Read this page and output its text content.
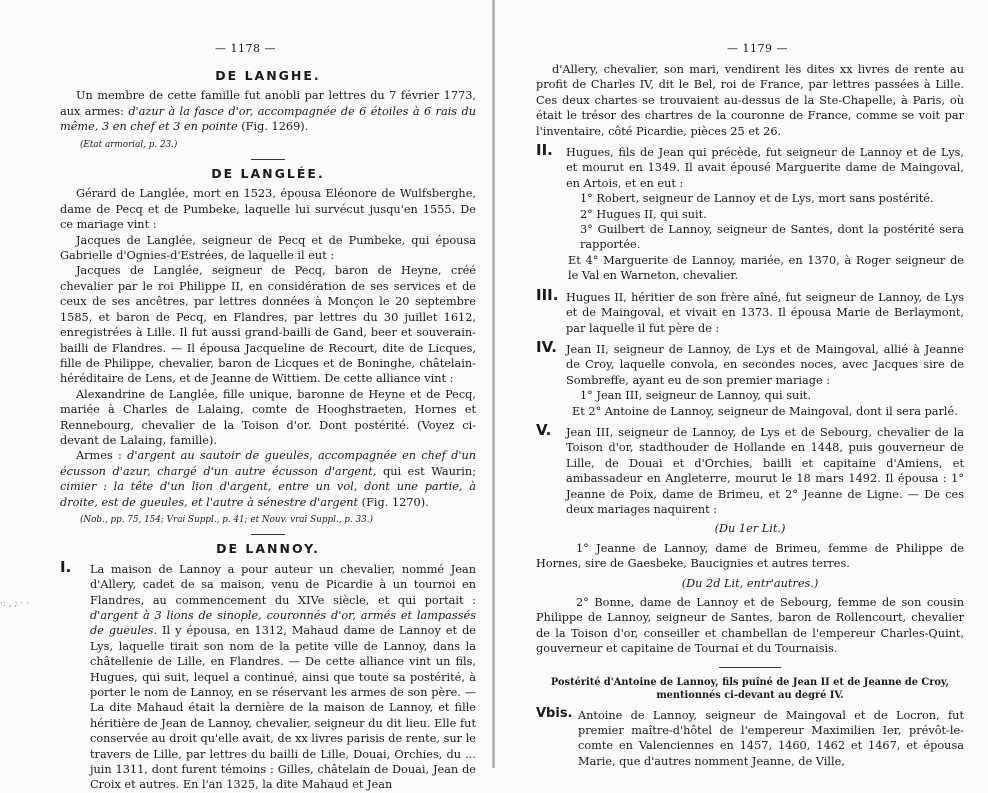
— 1178 —
·: , ; · ·
DE LANGHE.

Un membre de cette famille fut anobli par lettres du 7 février 1773, aux armes: d'azur à la fasce d'or, accompagnée de 6 étoiles à 6 rais du même, 3 en chef et 3 en pointe (Fig. 1269).

(Etat armorial, p. 23.)
DE LANGLÉE.

Gérard de Langlée, mort en 1523, épousa Eléonore de Wulfsberghe, dame de Pecq et de Pumbeke, laquelle lui survécut jusqu'en 1555. De ce mariage vint :

Jacques de Langlée, seigneur de Pecq et de Pumbeke, qui épousa Gabrielle d'Ognies-d'Estrées, de laquelle il eut :

Jacques de Langlée, seigneur de Pecq, baron de Heyne, créé chevalier par le roi Philippe II, en considération de ses services et de ceux de ses ancêtres, par lettres données à Monçon le 20 septembre 1585, et baron de Pecq, en Flandres, par lettres du 30 juillet 1612, enregistrées à Lille. Il fut aussi grand-bailli de Gand, beer et souverain-bailli de Flandres. — Il épousa Jacqueline de Recourt, dite de Licques, fille de Philippe, chevalier, baron de Licques et de Boninghe, châtelain-héréditaire de Lens, et de Jeanne de Wittiem. De cette alliance vint :

Alexandrine de Langlée, fille unique, baronne de Heyne et de Pecq, mariée à Charles de Lalaing, comte de Hooghstraeten, Hornes et Rennebourg, chevalier de la Toison d'or. Dont postérité. (Voyez ci-devant de Lalaing, famille).

Armes : d'argent au sautoir de gueules, accompagnée en chef d'un écusson d'azur, chargé d'un autre écusson d'argent, qui est Waurin; cimier : la tête d'un lion d'argent, entre un vol, dont une partie, à droite, est de gueules, et l'autre à sénestre d'argent (Fig. 1270).

(Nob., pp. 75, 154; Vrai Suppl., p. 41; et Nouv. vrai Suppl., p. 33.)
DE LANNOY.
I. La maison de Lannoy a pour auteur un chevalier, nommé Jean d'Allery, cadet de sa maison, venu de Picardie à un tournoi en Flandres, au commencement du XIVe siècle, et qui portait : d'argent à 3 lions de sinople, couronnés d'or, armés et lampassés de gueules. Il y épousa, en 1312, Mahaud dame de Lannoy et de Lys, laquelle tirait son nom de la petite ville de Lannoy, dans la châtellenie de Lille, en Flandres. — De cette alliance vint un fils, Hugues, qui suit, lequel a continué, ainsi que toute sa postérité, à porter le nom de Lannoy, en se réservant les armes de son père. — La dite Mahaud était la dernière de la maison de Lannoy, et fille héritière de Jean de Lannoy, chevalier, seigneur du dit lieu. Elle fut conservée au droit qu'elle avait, de xx livres parisis de rente, sur le travers de Lille, par lettres du bailli de Lille, Douai, Orchies, du ... juin 1311, dont furent témoins : Gilles, châtelain de Douai, Jean de Croix et autres. En l'an 1325, la dite Mahaud et Jean

— 1179 —

d'Allery, chevalier, son mari, vendirent les dites xx livres de rente au profit de Charles IV, dit le Bel, roi de France, par lettres passées à Lille. Ces deux chartes se trouvaient au-dessus de la Ste-Chapelle, à Paris, où était le trésor des chartres de la couronne de France, comme se voit par l'inventaire, côté Picardie, pièces 25 et 26.

II. Hugues, fils de Jean qui précède, fut seigneur de Lannoy et de Lys, et mourut en 1349. Il avait épousé Marguerite dame de Maingoval, en Artois, et en eut :

1° Robert, seigneur de Lannoy et de Lys, mort sans postérité.

2° Hugues II, qui suit.

3° Guilbert de Lannoy, seigneur de Santes, dont la postérité sera rapportée.

Et 4° Marguerite de Lannoy, mariée, en 1370, à Roger seigneur de le Val en Warneton, chevalier.

III. Hugues II, héritier de son frère aîné, fut seigneur de Lannoy, de Lys et de Maingoval, et vivait en 1373. Il épousa Marie de Berlaymont, par laquelle il fut père de :

IV. Jean II, seigneur de Lannoy, de Lys et de Maingoval, allié à Jeanne de Croy, laquelle convola, en secondes noces, avec Jacques sire de Sombreffe, ayant eu de son premier mariage :

1° Jean III, seigneur de Lannoy, qui suit.

Et 2° Antoine de Lannoy, seigneur de Maingoval, dont il sera parlé.

V. Jean III, seigneur de Lannoy, de Lys et de Sebourg, chevalier de la Toison d'or, stadthouder de Hollande en 1448, puis gouverneur de Lille, de Douai et d'Orchies, bailli et capitaine d'Amiens, et ambassadeur en Angleterre, mourut le 18 mars 1492. Il épousa : 1° Jeanne de Poix, dame de Brimeu, et 2° Jeanne de Ligne. — De ces deux mariages naquirent :

(Du 1er Lit.)

1° Jeanne de Lannoy, dame de Brimeu, femme de Philippe de Hornes, sire de Gaesbeke, Baucignies et autres terres.

(Du 2d Lit, entr'autres.)

2° Bonne, dame de Lannoy et de Sebourg, femme de son cousin Philippe de Lannoy, seigneur de Santes, baron de Rollencourt, chevalier de la Toison d'or, conseiller et chambellan de l'empereur Charles-Quint, gouverneur et capitaine de Tournai et du Tournaisis.

Postérité d'Antoine de Lannoy, fils puîné de Jean II et de Jeanne de Croy, mentionnés ci-devant au degré IV.
Vbis. Antoine de Lannoy, seigneur de Maingoval et de Locron, fut premier maître-d'hôtel de l'empereur Maximilien Ier, prévôt-le-comte en Valenciennes en 1457, 1460, 1462 et 1467, et épousa Marie, que d'autres nomment Jeanne, de Ville,
